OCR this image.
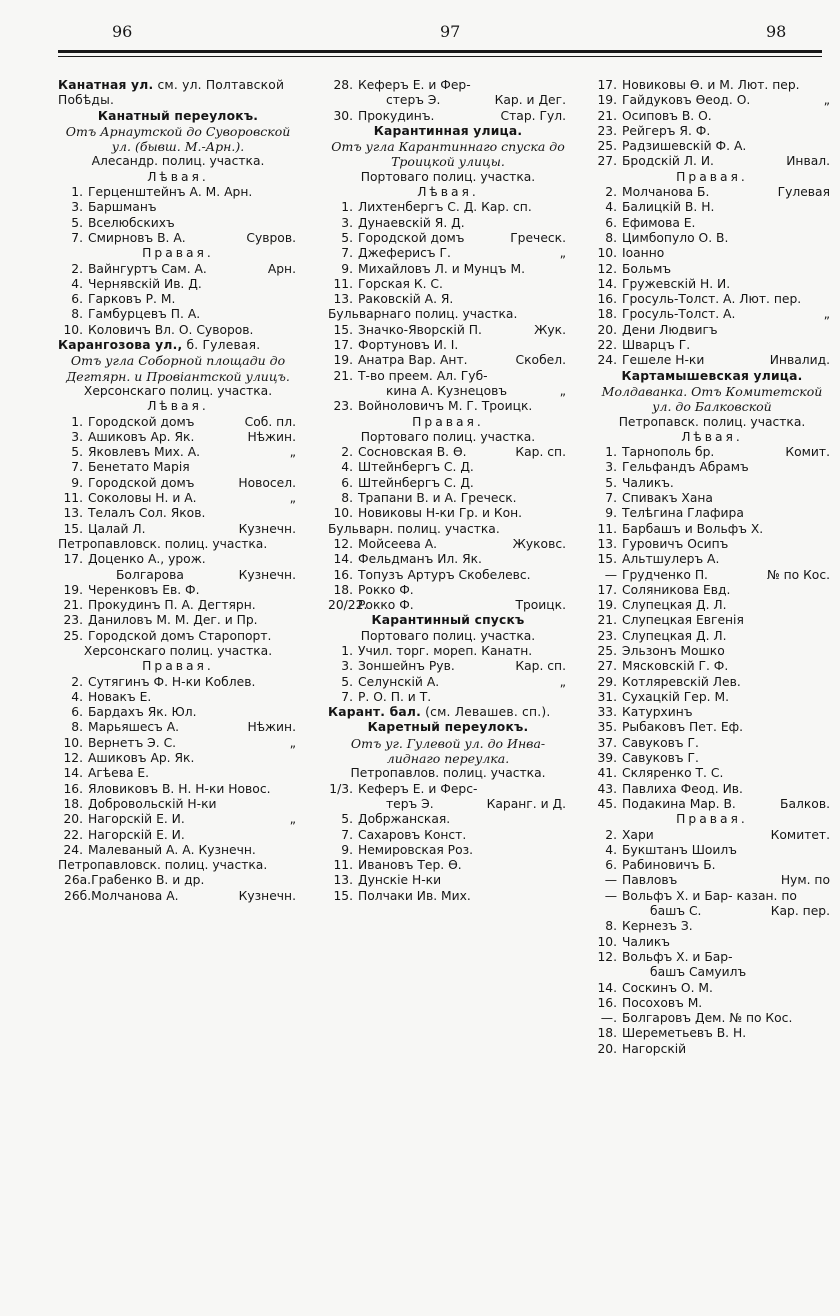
96	97	98

Канатная ул. см. ул. Полтавской Побѣды.

Канатный переулокъ.

Отъ Арнаутской до Суворовской ул. (бывш. М.-Арн.).

Алесандр. полиц. участка.

Лѣвая.

1. Герценштейнъ А. М. Арн.

3. Баршманъ

5. Вселюбскихъ

Сувров.
7. Смирновъ В. А.

Правая.

Арн.
2. Вайнгуртъ Сам. А.

4. Чернявскій Ив. Д.

6. Гарковъ Р. М.

8. Гамбурцевъ П. А.

10. Коловичъ Вл. О. Суворов.

Карангозова ул., б. Гулевая.

Отъ угла Соборной площади до Дегтярн. и Провіантской улицъ.

Херсонскаго полиц. участка.

Лѣвая.

Соб. пл.
1. Городской домъ

Нѣжин.
3. Ашиковъ Ар. Як.

„
5. Яковлевъ Мих. А.

7. Бенетато Марія

Новосел.
9. Городской домъ

„
11. Соколовы Н. и А.

13. Телалъ Сол. Яков.

Кузнечн.
15. Цалай Л.

Петропавловск. полиц. участка.

17. Доценко А., урож.

Кузнечн.
Болгарова

19. Черенковъ Ев. Ф.

21. Прокудинъ П. А. Дегтярн.

23. Даниловъ М. М. Дег. и Пр.

25. Городской домъ Старопорт.

Херсонскаго полиц. участка.

Правая.

2. Сутягинъ Ф. Н-ки Коблев.

4. Новакъ Е.

6. Бардахъ Як. Юл.

Нѣжин.
8. Марьяшесъ А.

„
10. Вернетъ Э. С.

12. Ашиковъ Ар. Як.

14. Агѣева Е.

16. Яловиковъ В. Н. Н-ки Новос.

18. Добровольскій Н-ки

„
20. Нагорскій Е. И.

22. Нагорскій Е. И.

24. Малеваный А. А. Кузнечн.

Петропавловск. полиц. участка.

26а.Грабенко В. и др.

Кузнечн.
26б.Молчанова А.

28. Кеферъ Е. и Фер-

Кар. и Дег.
стеръ Э.

Стар. Гул.
30. Прокудинъ.

Карантинная улица.

Отъ угла Карантиннаго спуска до Троицкой улицы.

Портоваго полиц. участка.

Лѣвая.

1. Лихтенбергъ С. Д. Кар. сп.

3. Дунаевскій Я. Д.

Греческ.
5. Городской домъ

„
7. Джеферисъ Г.

9. Михайловъ Л. и Мунцъ М.

11. Горская К. С.

13. Раковскій А. Я.

Бульварнаго полиц. участка.

Жук.
15. Значко-Яворскій П.

17. Фортуновъ И. І.

Скобел.
19. Анатра Вар. Ант.

21. Т-во преем. Ал. Губ-

„
кина А. Кузнецовъ

23. Войноловичъ М. Г. Троицк.

Правая.

Портоваго полиц. участка.

Кар. сп.
2. Сосновская В. Ѳ.

4. Штейнбергъ С. Д.

6. Штейнбергъ С. Д.

8. Трапани В. и А. Греческ.

10. Новиковы Н-ки Гр. и Кон.

Бульварн. полиц. участка.

Жуковс.
12. Мойсеева А.

14. Фельдманъ Ил. Як.

16. Топузъ Артуръ Скобелевс.

18. Рокко Ф.

Троицк.
20/22.
Рокко Ф.

Карантинный спускъ

Портоваго полиц. участка.

1. Учил. торг. мореп. Канатн.

Кар. сп.
3. Зоншейнъ Рув.

„
5. Селунскій А.

7. Р. О. П. и Т.

Карант. бал. (см. Левашев. сп.).

Каретный переулокъ.

Отъ уг. Гулевой ул. до Инвалиднаго переулка.

Петропавлов. полиц. участка.

1/3. Кеферъ Е. и Ферс-

Каранг. и Д.
теръ Э.

5. Добржанская.

7. Сахаровъ Конст.

9. Немировская Роз.

11. Ивановъ Тер. Ѳ.

13. Дунскіе Н-ки

15. Полчаки Ив. Мих.

17. Новиковы Ѳ. и М. Лют. пер.

„
19. Гайдуковъ Ѳеод. О.

21. Осиповъ В. О.

23. Рейгеръ Я. Ф.

25. Радзишевскій Ф. А.

Инвал.
27. Бродскій Л. И.

Правая.

Гулевая
2. Молчанова Б.

4. Балицкій В. Н.

6. Ефимова Е.

8. Цимбопуло О. В.

10. Іоанно

12. Больмъ

14. Гружевскій Н. И.

16. Гросуль-Толст. А. Лют. пер.

„
18. Гросуль-Толст. А.

20. Дени Людвигъ

22. Шварцъ Г.

Инвалид.
24. Гешеле Н-ки

Картамышевская улица.

Молдаванка. Отъ Комитетской ул. до Балковской

Петропавск. полиц. участка.

Лѣвая.

Комит.
1. Тарнополь бр.

3. Гельфандъ Абрамъ

5. Чаликъ.

7. Спивакъ Хана

9. Телѣгина Глафира

11. Барбашъ и Вольфъ Х.

13. Гуровичъ Осипъ

15. Альтшулеръ А.

№ по Кос.
— Грудченко П.

17. Соляникова Евд.

19. Слупецкая Д. Л.

21. Слупецкая Евгенія

23. Слупецкая Д. Л.

25. Эльзонъ Мошко

27. Мясковскій Г. Ф.

29. Котляревскій Лев.

31. Сухацкій Гер. М.

33. Катурхинъ

35. Рыбаковъ Пет. Еф.

37. Савуковъ Г.

39. Савуковъ Г.

41. Скляренко Т. С.

43. Павлиха Феод. Ив.

Балков.
45. Подакина Мар. В.

Правая.

Комитет.
2. Хари

4. Букштанъ Шоилъ

6. Рабиновичъ Б.

Нум. по
— Павловъ

— Вольфъ Х. и Бар- казан. по

Кар. пер.
башъ С.

8. Кернезъ З.

10. Чаликъ

12. Вольфъ Х. и Бар-

башъ Самуилъ

14. Соскинъ О. М.

16. Посоховъ М.

—. Болгаровъ Дем. № по Кос.

18. Шереметьевъ В. Н.

20. Нагорскій
